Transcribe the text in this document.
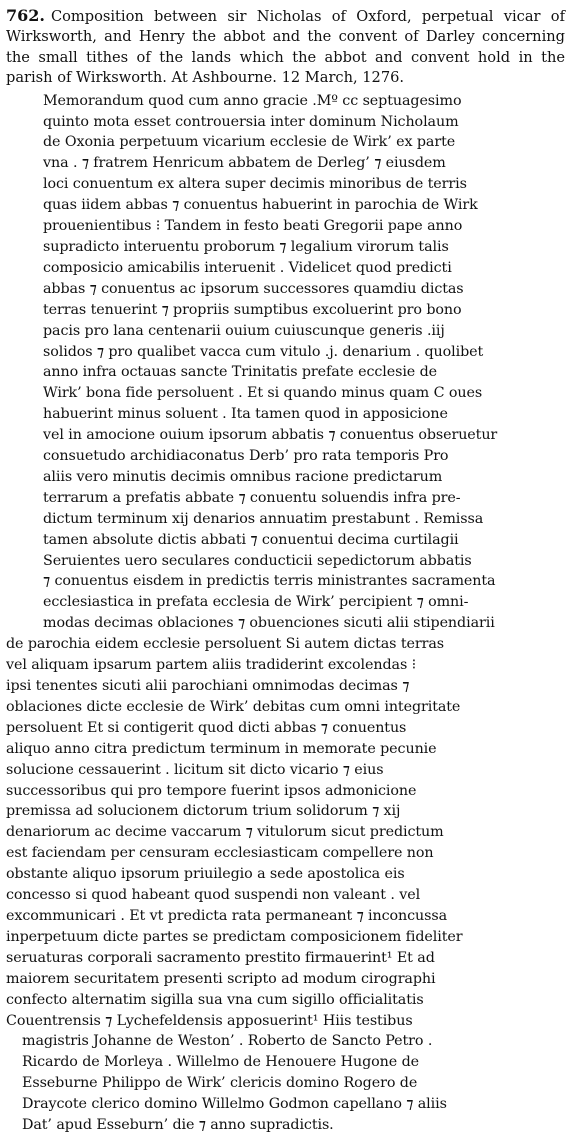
762. Composition between sir Nicholas of Oxford, perpetual vicar of Wirksworth, and Henry the abbot and the convent of Darley concerning the small tithes of the lands which the abbot and convent hold in the parish of Wirksworth. At Ashbourne. 12 March, 1276.
Memorandum quod cum anno gracie .Mº cc septuagesimo
quinto mota esset controuersia inter dominum Nicholaum
de Oxonia perpetuum vicarium ecclesie de Wirk’ ex parte
vna . ⁊ fratrem Henricum abbatem de Derleg’ ⁊ eiusdem
loci conuentum ex altera super decimis minoribus de terris
quas iidem abbas ⁊ conuentus habuerint in parochia de Wirk
prouenientibus ⁝ Tandem in festo beati Gregorii pape anno
supradicto interuentu proborum ⁊ legalium virorum talis
composicio amicabilis interuenit . Videlicet quod predicti
abbas ⁊ conuentus ac ipsorum successores quamdiu dictas
terras tenuerint ⁊ propriis sumptibus excoluerint pro bono
pacis pro lana centenarii ouium cuiuscunque generis .iij
solidos ⁊ pro qualibet vacca cum vitulo .j. denarium . quolibet
anno infra octauas sancte Trinitatis prefate ecclesie de
Wirk’ bona fide persoluent . Et si quando minus quam C oues
habuerint minus soluent . Ita tamen quod in apposicione
vel in amocione ouium ipsorum abbatis ⁊ conuentus obseruetur
consuetudo archidiaconatus Derb’ pro rata temporis Pro
aliis vero minutis decimis omnibus racione predictarum
terrarum a prefatis abbate ⁊ conuentu soluendis infra pre-
dictum terminum xij denarios annuatim prestabunt . Remissa
tamen absolute dictis abbati ⁊ conuentui decima curtilagii
Seruientes uero seculares conducticii sepedictorum abbatis
⁊ conuentus eisdem in predictis terris ministrantes sacramenta
ecclesiastica in prefata ecclesia de Wirk’ percipient ⁊ omni-
modas decimas oblaciones ⁊ obuenciones sicuti alii stipendiarii
de parochia eidem ecclesie persoluent Si autem dictas terras
vel aliquam ipsarum partem aliis tradiderint excolendas ⁝
ipsi tenentes sicuti alii parochiani omnimodas decimas ⁊
oblaciones dicte ecclesie de Wirk’ debitas cum omni integritate
persoluent Et si contigerit quod dicti abbas ⁊ conuentus
aliquo anno citra predictum terminum in memorate pecunie
solucione cessauerint . licitum sit dicto vicario ⁊ eius
successoribus qui pro tempore fuerint ipsos admonicione
premissa ad solucionem dictorum trium solidorum ⁊ xij
denariorum ac decime vaccarum ⁊ vitulorum sicut predictum
est faciendam per censuram ecclesiasticam compellere non
obstante aliquo ipsorum priuilegio a sede apostolica eis
concesso si quod habeant quod suspendi non valeant . vel
excommunicari . Et vt predicta rata permaneant ⁊ inconcussa
inperpetuum dicte partes se predictam composicionem fideliter
seruaturas corporali sacramento prestito firmauerint¹ Et ad
maiorem securitatem presenti scripto ad modum cirographi
confecto alternatim sigilla sua vna cum sigillo officialitatis
Couentrensis ⁊ Lychefeldensis apposuerint¹ Hiis testibus
magistris Johanne de Weston’ . Roberto de Sancto Petro .
Ricardo de Morleya . Willelmo de Henouere Hugone de
Esseburne Philippo de Wirk’ clericis domino Rogero de
Draycote clerico domino Willelmo Godmon capellano ⁊ aliis
Dat’ apud Esseburn’ die ⁊ anno supradictis.
